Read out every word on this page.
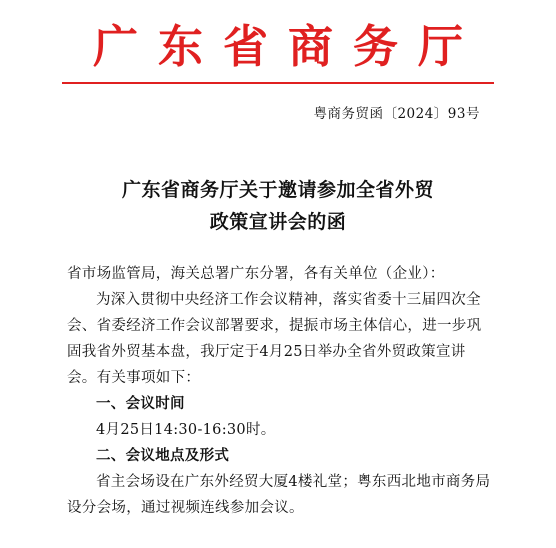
广东省商务厅
粤商务贸函〔2024〕93号
广东省商务厅关于邀请参加全省外贸
政策宣讲会的函

省市场监管局，海关总署广东分署，各有关单位（企业）：

为深入贯彻中央经济工作会议精神，落实省委十三届四次全会、省委经济工作会议部署要求，提振市场主体信心，进一步巩固我省外贸基本盘，我厅定于4月25日举办全省外贸政策宣讲会。有关事项如下：

一、会议时间

4月25日14:30-16:30时。

二、会议地点及形式

省主会场设在广东外经贸大厦4楼礼堂；粤东西北地市商务局设分会场，通过视频连线参加会议。
